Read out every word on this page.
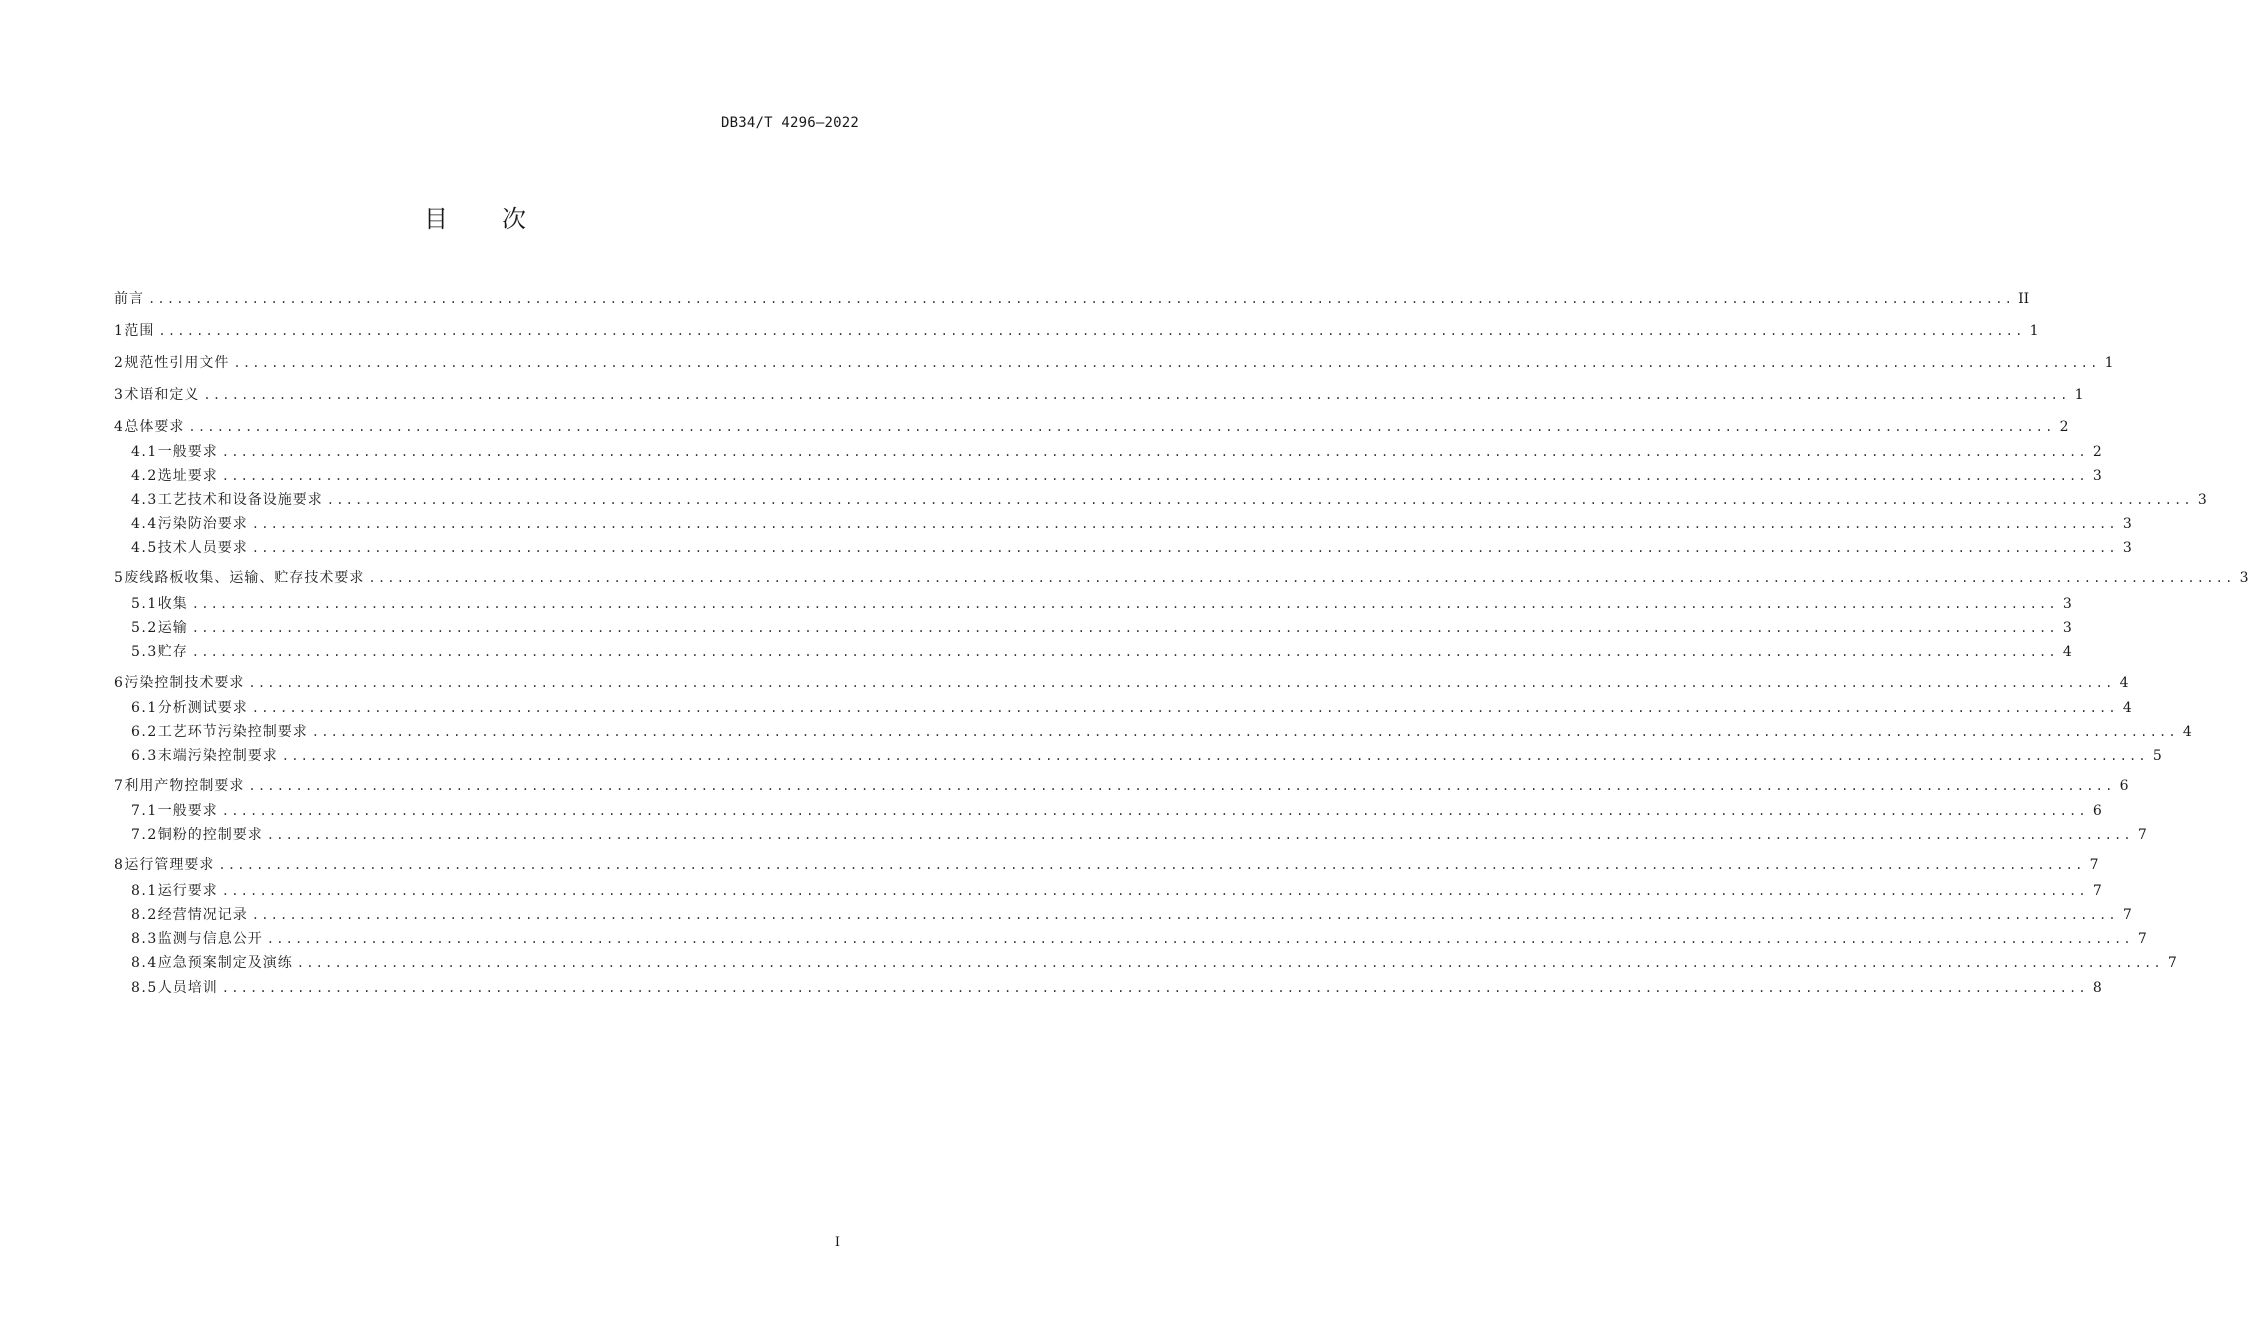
DB34/T 4296—2022
目 次
前言 ...................................................................................................................................................................................................... II
1 范围 ...................................................................................................................................................................................................... 1
2 规范性引用文件 ...................................................................................................................................................................................................... 1
3 术语和定义 ...................................................................................................................................................................................................... 1
4 总体要求 ...................................................................................................................................................................................................... 2
4.1 一般要求 ...................................................................................................................................................................................................... 2
4.2 选址要求 ...................................................................................................................................................................................................... 3
4.3 工艺技术和设备设施要求 ...................................................................................................................................................................................................... 3
4.4 污染防治要求 ...................................................................................................................................................................................................... 3
4.5 技术人员要求 ...................................................................................................................................................................................................... 3
5 废线路板收集、运输、贮存技术要求 ...................................................................................................................................................................................................... 3
5.1 收集 ...................................................................................................................................................................................................... 3
5.2 运输 ...................................................................................................................................................................................................... 3
5.3 贮存 ...................................................................................................................................................................................................... 4
6 污染控制技术要求 ...................................................................................................................................................................................................... 4
6.1 分析测试要求 ...................................................................................................................................................................................................... 4
6.2 工艺环节污染控制要求 ...................................................................................................................................................................................................... 4
6.3 末端污染控制要求 ...................................................................................................................................................................................................... 5
7 利用产物控制要求 ...................................................................................................................................................................................................... 6
7.1 一般要求 ...................................................................................................................................................................................................... 6
7.2 铜粉的控制要求 ...................................................................................................................................................................................................... 7
8 运行管理要求 ...................................................................................................................................................................................................... 7
8.1 运行要求 ...................................................................................................................................................................................................... 7
8.2 经营情况记录 ...................................................................................................................................................................................................... 7
8.3 监测与信息公开 ...................................................................................................................................................................................................... 7
8.4 应急预案制定及演练 ...................................................................................................................................................................................................... 7
8.5 人员培训 ...................................................................................................................................................................................................... 8
I
